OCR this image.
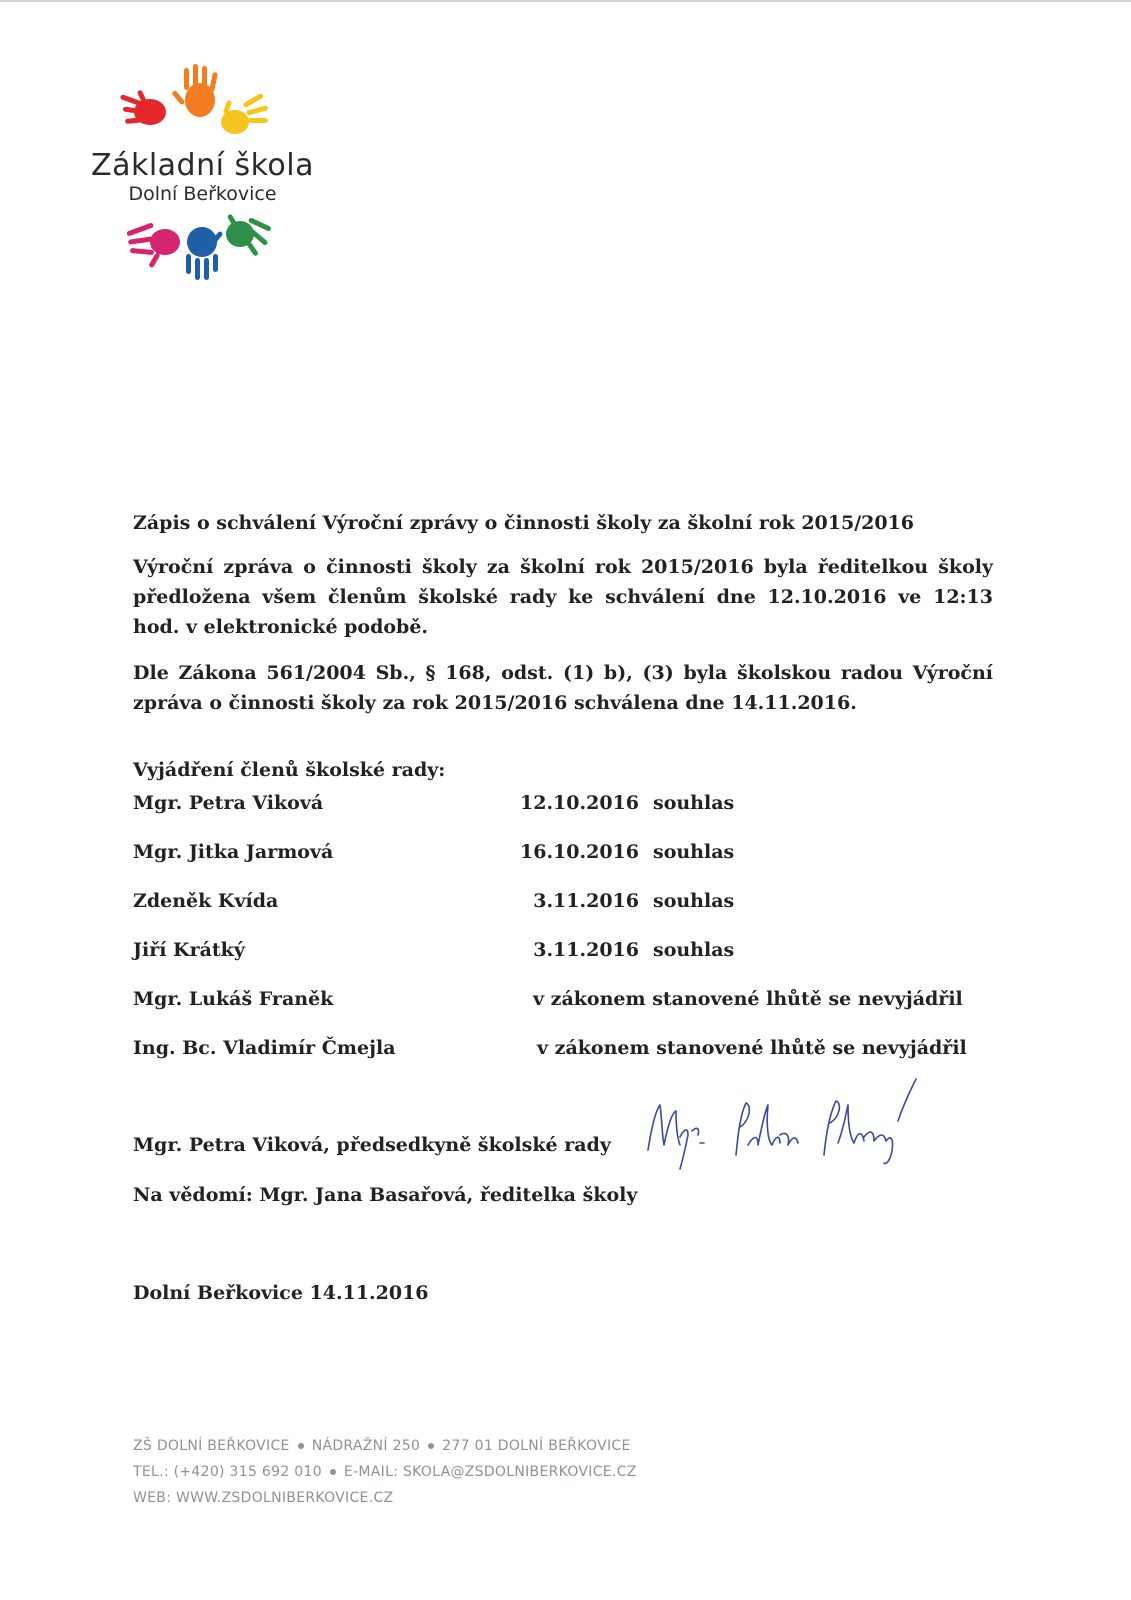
Základní škola
Dolní Beřkovice

Zápis o schválení Výroční zprávy o činnosti školy za školní rok 2015/2016

Výroční zpráva o činnosti školy za školní rok 2015/2016 byla ředitelkou školy předložena všem členům školské rady ke schválení dne 12.10.2016 ve 12:13 hod. v elektronické podobě.

Dle Zákona 561/2004 Sb., § 168, odst. (1) b), (3) byla školskou radou Výroční zpráva o činnosti školy za rok 2015/2016 schválena dne 14.11.2016.

Vyjádření členů školské rady:

Mgr. Petra Viková	12.10.2016 souhlas
Mgr. Jitka Jarmová	16.10.2016 souhlas
Zdeněk Kvída	3.11.2016 souhlas
Jiří Krátký	3.11.2016 souhlas
Mgr. Lukáš Franěk	v zákonem stanovené lhůtě se nevyjádřil
Ing. Bc. Vladimír Čmejla	v zákonem stanovené lhůtě se nevyjádřil

Mgr. Petra Viková, předsedkyně školské rady

Na vědomí: Mgr. Jana Basařová, ředitelka školy

Dolní Beřkovice 14.11.2016

ZŠ DOLNÍ BEŘKOVICE NÁDRAŽNÍ 250 277 01 DOLNÍ BEŘKOVICE
TEL.: (+420) 315 692 010 E-MAIL: SKOLA@ZSDOLNIBERKOVICE.CZ
WEB: WWW.ZSDOLNIBERKOVICE.CZ
